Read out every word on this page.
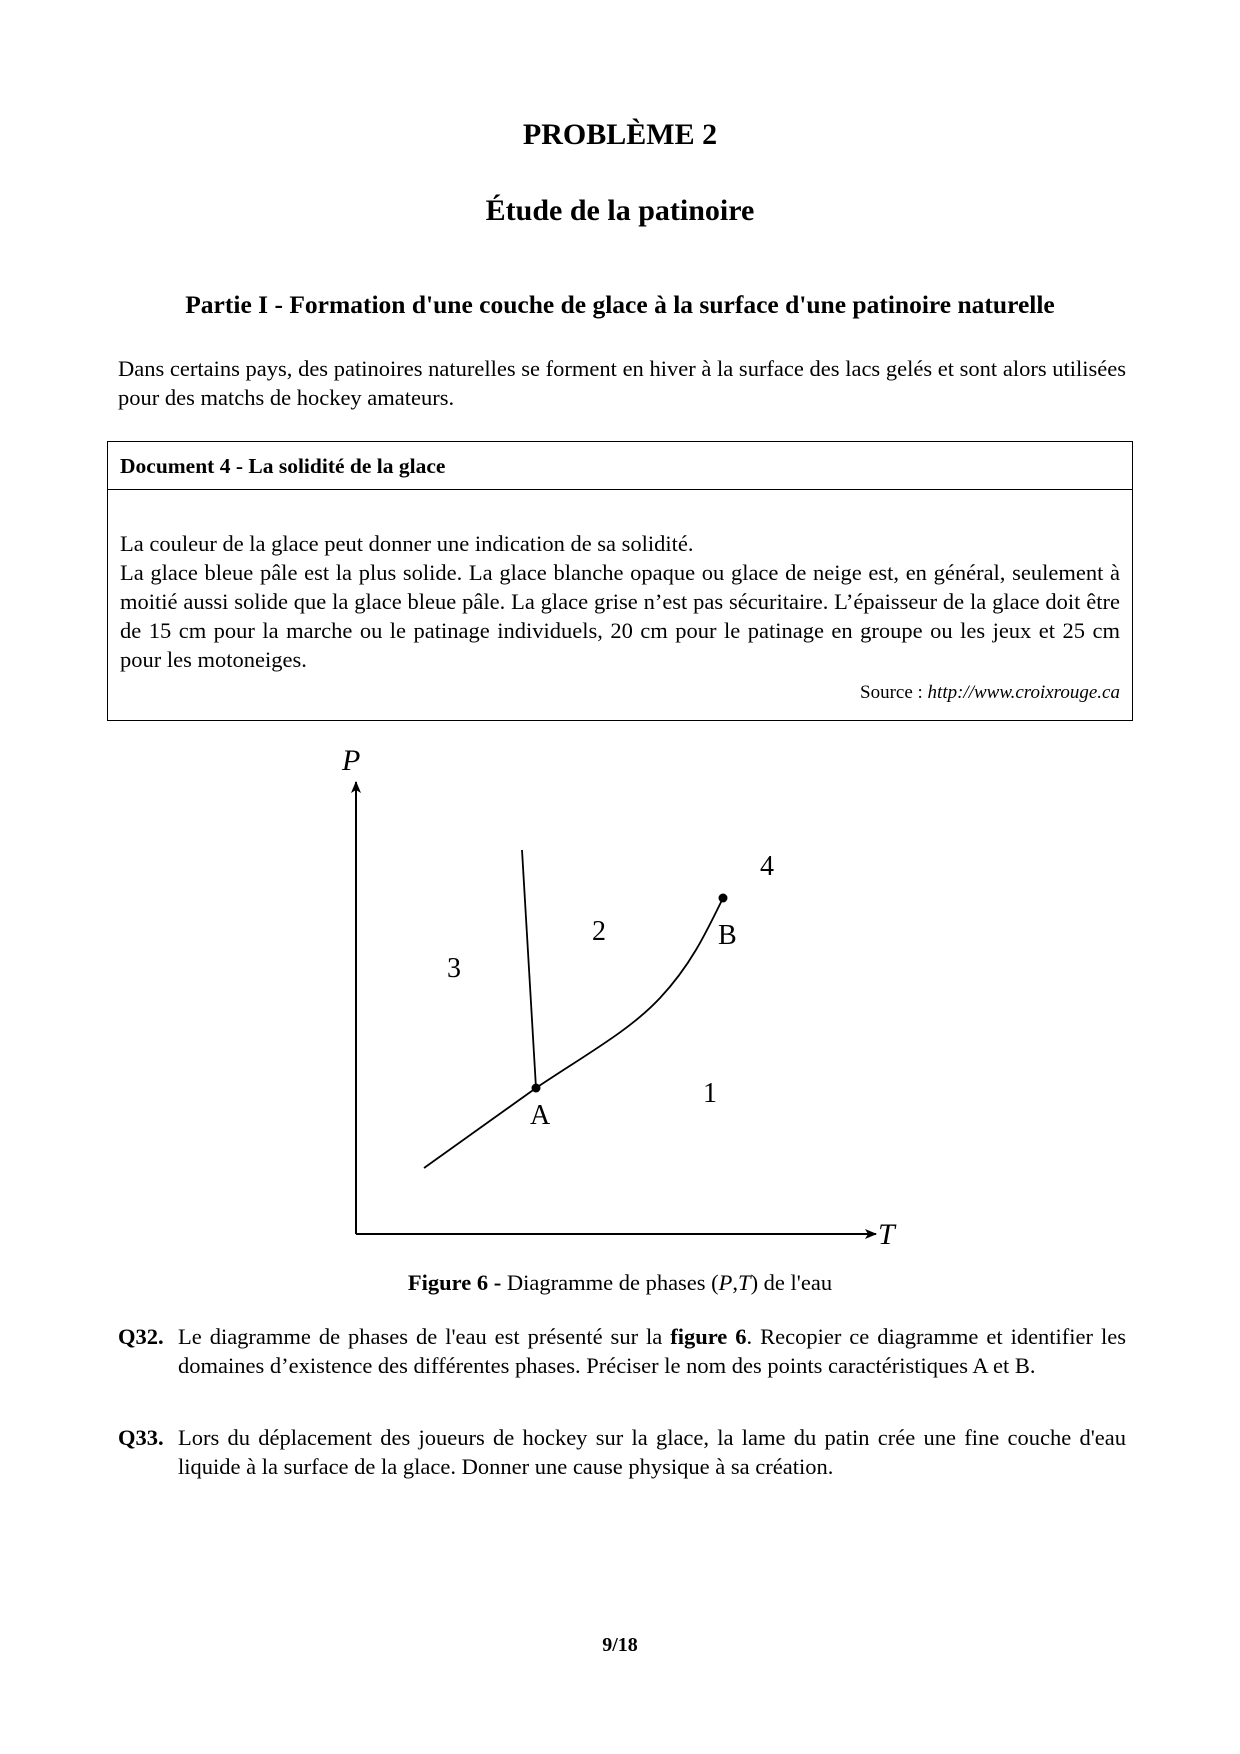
PROBLÈME 2
Étude de la patinoire
Partie I - Formation d'une couche de glace à la surface d'une patinoire naturelle

Dans certains pays, des patinoires naturelles se forment en hiver à la surface des lacs gelés et sont alors utilisées pour des matchs de hockey amateurs.

Document 4 - La solidité de la glace

La couleur de la glace peut donner une indication de sa solidité.

La glace bleue pâle est la plus solide. La glace blanche opaque ou glace de neige est, en général, seulement à moitié aussi solide que la glace bleue pâle. La glace grise n’est pas sécuritaire. L’épaisseur de la glace doit être de 15 cm pour la marche ou le patinage individuels, 20 cm pour le patinage en groupe ou les jeux et 25 cm pour les motoneiges.

Source : http://www.croixrouge.ca
P
T
A
B
1
2
3
4

Figure 6 - Diagramme de phases (P,T) de l'eau

Q32. Le diagramme de phases de l'eau est présenté sur la figure 6. Recopier ce diagramme et identifier les domaines d’existence des différentes phases. Préciser le nom des points caractéristiques A et B.
Q33. Lors du déplacement des joueurs de hockey sur la glace, la lame du patin crée une fine couche d'eau liquide à la surface de la glace. Donner une cause physique à sa création.
9/18
